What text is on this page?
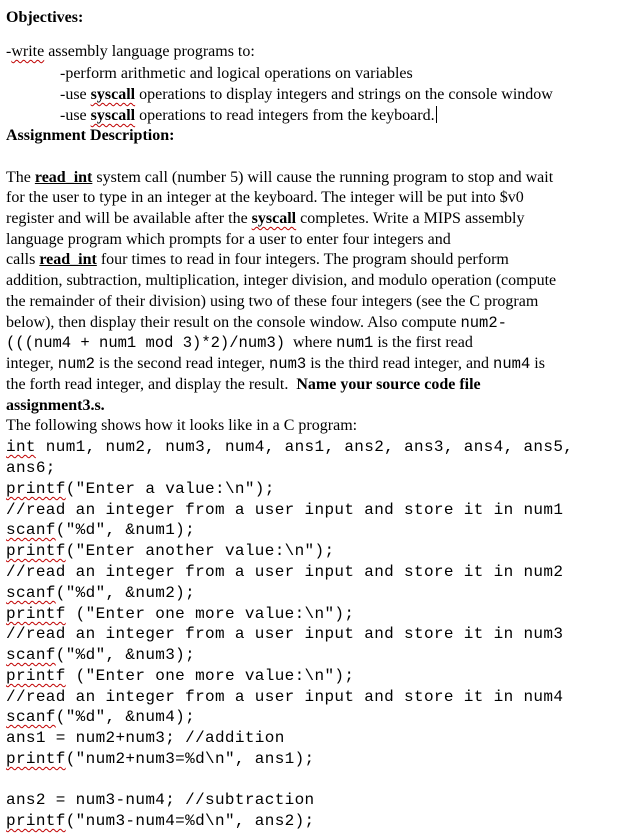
Objectives:
-write assembly language programs to:
-perform arithmetic and logical operations on variables
-use syscall operations to display integers and strings on the console window
-use syscall operations to read integers from the keyboard.
Assignment Description:
The read_int system call (number 5) will cause the running program to stop and wait
for the user to type in an integer at the keyboard. The integer will be put into $v0
register and will be available after the syscall completes. Write a MIPS assembly
language program which prompts for a user to enter four integers and
calls read_int four times to read in four integers. The program should perform
addition, subtraction, multiplication, integer division, and modulo operation (compute
the remainder of their division) using two of these four integers (see the C program
below), then display their result on the console window. Also compute num2-
(((num4 + num1 mod 3)*2)/num3)  where num1 is the first read
integer, num2 is the second read integer, num3 is the third read integer, and num4 is
the forth read integer, and display the result.  Name your source code file
assignment3.s.
The following shows how it looks like in a C program:
int num1, num2, num3, num4, ans1, ans2, ans3, ans4, ans5,
ans6;
printf("Enter a value:\n");
//read an integer from a user input and store it in num1
scanf("%d", &num1);
printf("Enter another value:\n");
//read an integer from a user input and store it in num2
scanf("%d", &num2);
printf ("Enter one more value:\n");
//read an integer from a user input and store it in num3
scanf("%d", &num3);
printf ("Enter one more value:\n");
//read an integer from a user input and store it in num4
scanf("%d", &num4);
ans1 = num2+num3; //addition
printf("num2+num3=%d\n", ans1);
ans2 = num3-num4; //subtraction
printf("num3-num4=%d\n", ans2);
